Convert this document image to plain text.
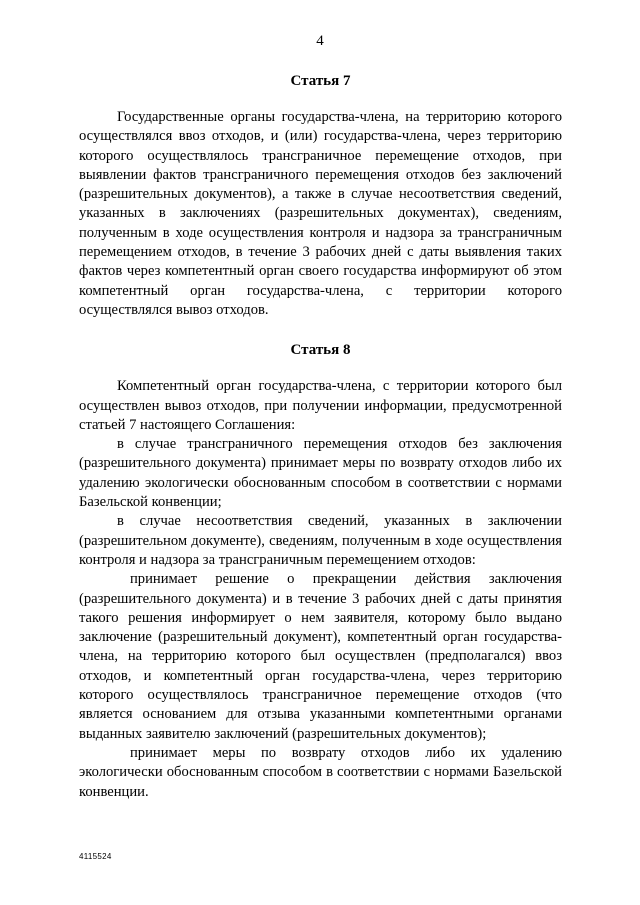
4
Статья 7

Государственные органы государства-члена, на территорию которого осуществлялся ввоз отходов, и (или) государства-члена, через территорию которого осуществлялось трансграничное перемещение отходов, при выявлении фактов трансграничного перемещения отходов без заключений (разрешительных документов), а также в случае несоответствия сведений, указанных в заключениях (разрешительных документах), сведениям, полученным в ходе осуществления контроля и надзора за трансграничным перемещением отходов, в течение 3 рабочих дней с даты выявления таких фактов через компетентный орган своего государства информируют об этом компетентный орган государства-члена, с территории которого осуществлялся вывоз отходов.

Статья 8

Компетентный орган государства-члена, с территории которого был осуществлен вывоз отходов, при получении информации, предусмотренной статьей 7 настоящего Соглашения:

в случае трансграничного перемещения отходов без заключения (разрешительного документа) принимает меры по возврату отходов либо их удалению экологически обоснованным способом в соответствии с нормами Базельской конвенции;

в случае несоответствия сведений, указанных в заключении (разрешительном документе), сведениям, полученным в ходе осуществления контроля и надзора за трансграничным перемещением отходов:

принимает решение о прекращении действия заключения (разрешительного документа) и в течение 3 рабочих дней с даты принятия такого решения информирует о нем заявителя, которому было выдано заключение (разрешительный документ), компетентный орган государства-члена, на территорию которого был осуществлен (предполагался) ввоз отходов, и компетентный орган государства-члена, через территорию которого осуществлялось трансграничное перемещение отходов (что является основанием для отзыва указанными компетентными органами выданных заявителю заключений (разрешительных документов);

принимает меры по возврату отходов либо их удалению экологически обоснованным способом в соответствии с нормами Базельской конвенции.

4115524
